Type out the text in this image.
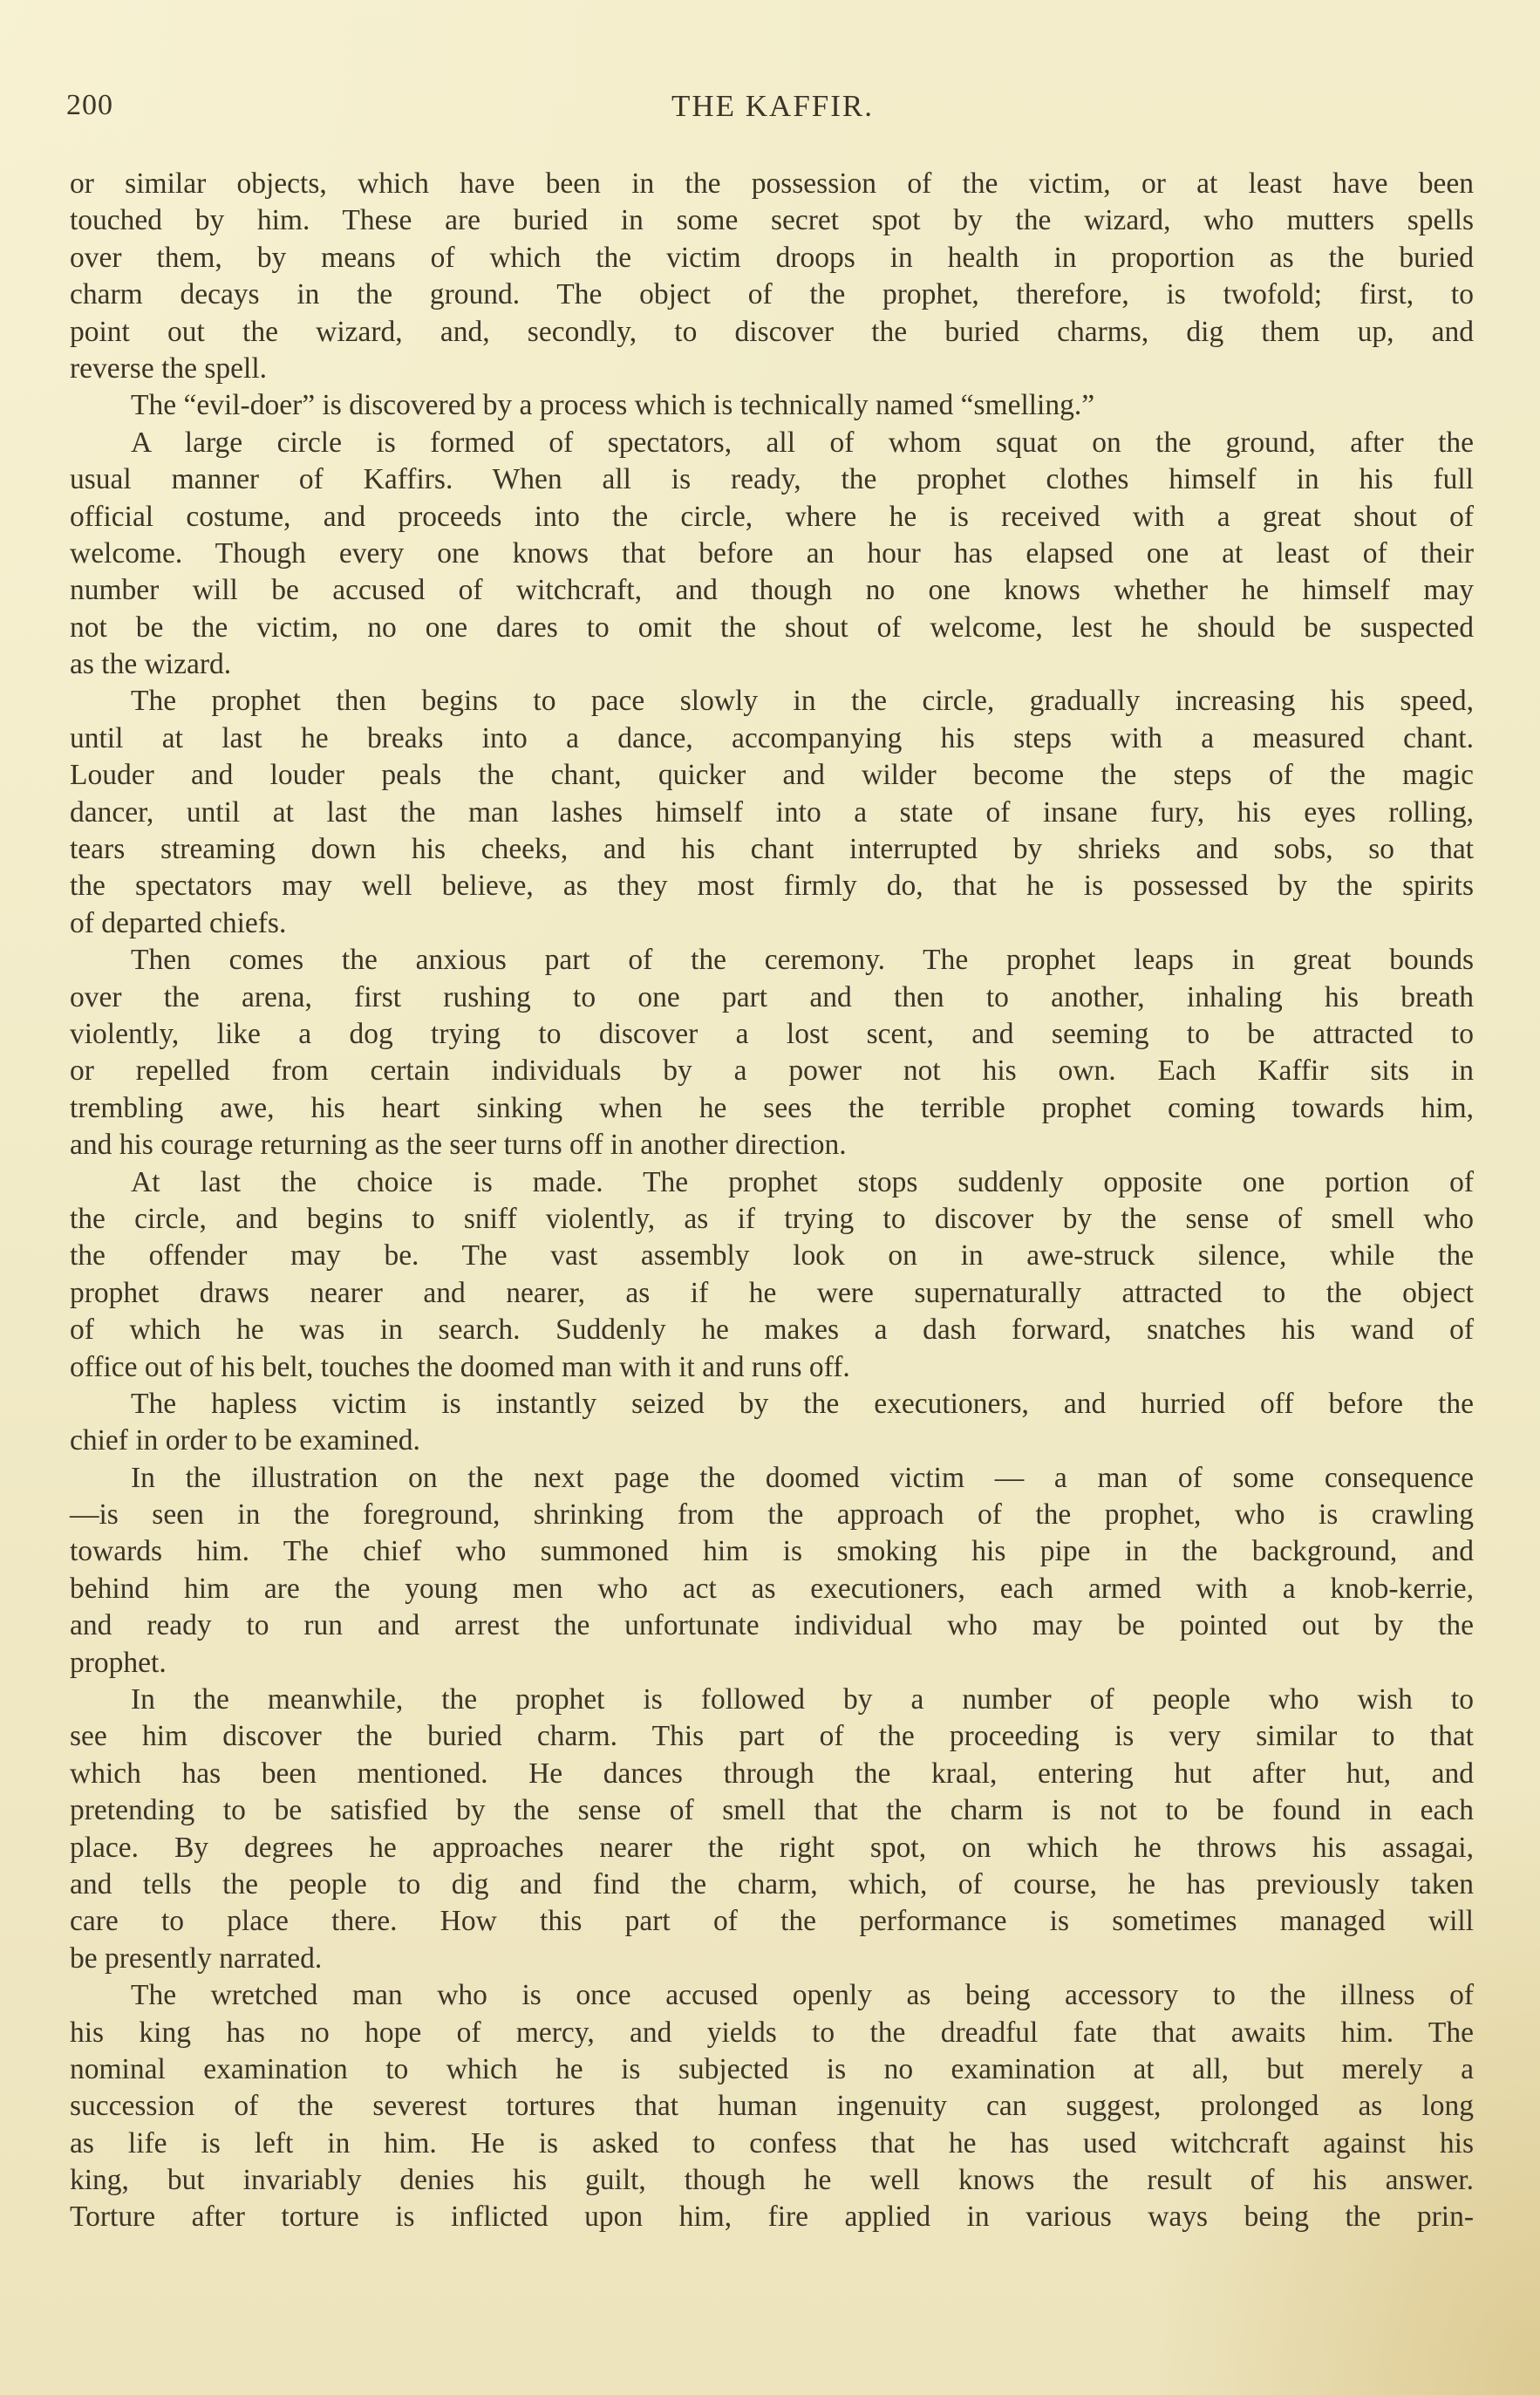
200	THE KAFFIR.
or similar objects, which have been in the possession of the victim, or at least have been
touched by him. These are buried in some secret spot by the wizard, who mutters spells
over them, by means of which the victim droops in health in proportion as the buried
charm decays in the ground. The object of the prophet, therefore, is twofold; first, to
point out the wizard, and, secondly, to discover the buried charms, dig them up, and
reverse the spell.
The “evil-doer” is discovered by a process which is technically named “smelling.”
A large circle is formed of spectators, all of whom squat on the ground, after the
usual manner of Kaffirs. When all is ready, the prophet clothes himself in his full
official costume, and proceeds into the circle, where he is received with a great shout of
welcome. Though every one knows that before an hour has elapsed one at least of their
number will be accused of witchcraft, and though no one knows whether he himself may
not be the victim, no one dares to omit the shout of welcome, lest he should be suspected
as the wizard.
The prophet then begins to pace slowly in the circle, gradually increasing his speed,
until at last he breaks into a dance, accompanying his steps with a measured chant.
Louder and louder peals the chant, quicker and wilder become the steps of the magic
dancer, until at last the man lashes himself into a state of insane fury, his eyes rolling,
tears streaming down his cheeks, and his chant interrupted by shrieks and sobs, so that
the spectators may well believe, as they most firmly do, that he is possessed by the spirits
of departed chiefs.
Then comes the anxious part of the ceremony. The prophet leaps in great bounds
over the arena, first rushing to one part and then to another, inhaling his breath
violently, like a dog trying to discover a lost scent, and seeming to be attracted to
or repelled from certain individuals by a power not his own. Each Kaffir sits in
trembling awe, his heart sinking when he sees the terrible prophet coming towards him,
and his courage returning as the seer turns off in another direction.
At last the choice is made. The prophet stops suddenly opposite one portion of
the circle, and begins to sniff violently, as if trying to discover by the sense of smell who
the offender may be. The vast assembly look on in awe-struck silence, while the
prophet draws nearer and nearer, as if he were supernaturally attracted to the object
of which he was in search. Suddenly he makes a dash forward, snatches his wand of
office out of his belt, touches the doomed man with it and runs off.
The hapless victim is instantly seized by the executioners, and hurried off before the
chief in order to be examined.
In the illustration on the next page the doomed victim — a man of some consequence
—is seen in the foreground, shrinking from the approach of the prophet, who is crawling
towards him. The chief who summoned him is smoking his pipe in the background, and
behind him are the young men who act as executioners, each armed with a knob-kerrie,
and ready to run and arrest the unfortunate individual who may be pointed out by the
prophet.
In the meanwhile, the prophet is followed by a number of people who wish to
see him discover the buried charm. This part of the proceeding is very similar to that
which has been mentioned. He dances through the kraal, entering hut after hut, and
pretending to be satisfied by the sense of smell that the charm is not to be found in each
place. By degrees he approaches nearer the right spot, on which he throws his assagai,
and tells the people to dig and find the charm, which, of course, he has previously taken
care to place there. How this part of the performance is sometimes managed will
be presently narrated.
The wretched man who is once accused openly as being accessory to the illness of
his king has no hope of mercy, and yields to the dreadful fate that awaits him. The
nominal examination to which he is subjected is no examination at all, but merely a
succession of the severest tortures that human ingenuity can suggest, prolonged as long
as life is left in him. He is asked to confess that he has used witchcraft against his
king, but invariably denies his guilt, though he well knows the result of his answer.
Torture after torture is inflicted upon him, fire applied in various ways being the prin-
